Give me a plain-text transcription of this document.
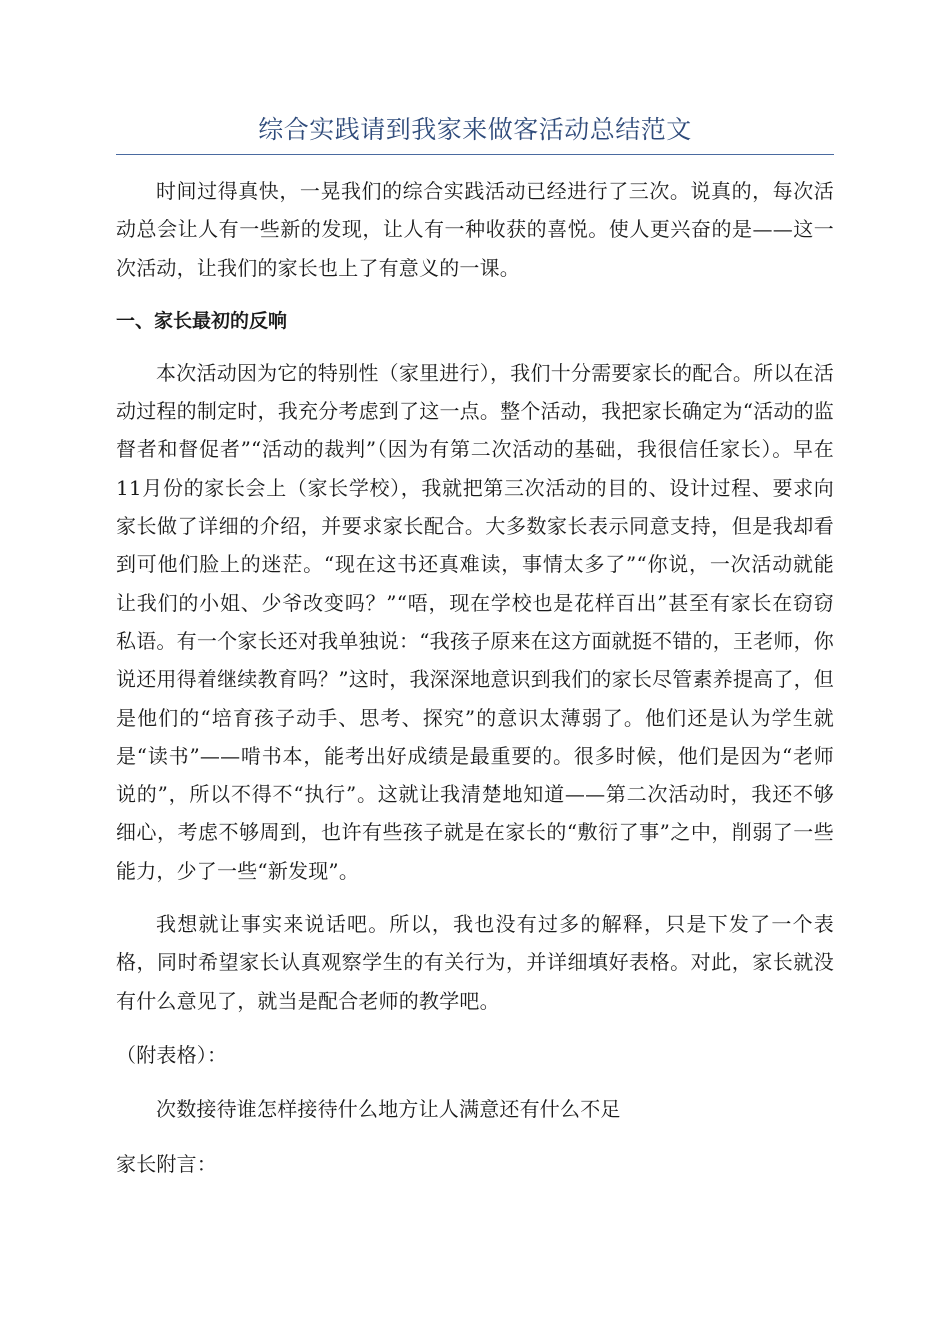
综合实践请到我家来做客活动总结范文

时间过得真快，一晃我们的综合实践活动已经进行了三次。说真的，每次活动总会让人有一些新的发现，让人有一种收获的喜悦。使人更兴奋的是——这一次活动，让我们的家长也上了有意义的一课。

一、家长最初的反响

本次活动因为它的特别性（家里进行），我们十分需要家长的配合。所以在活动过程的制定时，我充分考虑到了这一点。整个活动，我把家长确定为“活动的监督者和督促者”“活动的裁判”（因为有第二次活动的基础，我很信任家长）。早在11月份的家长会上（家长学校），我就把第三次活动的目的、设计过程、要求向家长做了详细的介绍，并要求家长配合。大多数家长表示同意支持，但是我却看到可他们脸上的迷茫。“现在这书还真难读，事情太多了”“你说，一次活动就能让我们的小姐、少爷改变吗？”“唔，现在学校也是花样百出”甚至有家长在窃窃私语。有一个家长还对我单独说：“我孩子原来在这方面就挺不错的，王老师，你说还用得着继续教育吗？”这时，我深深地意识到我们的家长尽管素养提高了，但是他们的“培育孩子动手、思考、探究”的意识太薄弱了。他们还是认为学生就是“读书”——啃书本，能考出好成绩是最重要的。很多时候，他们是因为“老师说的”，所以不得不“执行”。这就让我清楚地知道——第二次活动时，我还不够细心，考虑不够周到，也许有些孩子就是在家长的“敷衍了事”之中，削弱了一些能力，少了一些“新发现”。

我想就让事实来说话吧。所以，我也没有过多的解释，只是下发了一个表格，同时希望家长认真观察学生的有关行为，并详细填好表格。对此，家长就没有什么意见了，就当是配合老师的教学吧。

（附表格）：

次数接待谁怎样接待什么地方让人满意还有什么不足

家长附言：
